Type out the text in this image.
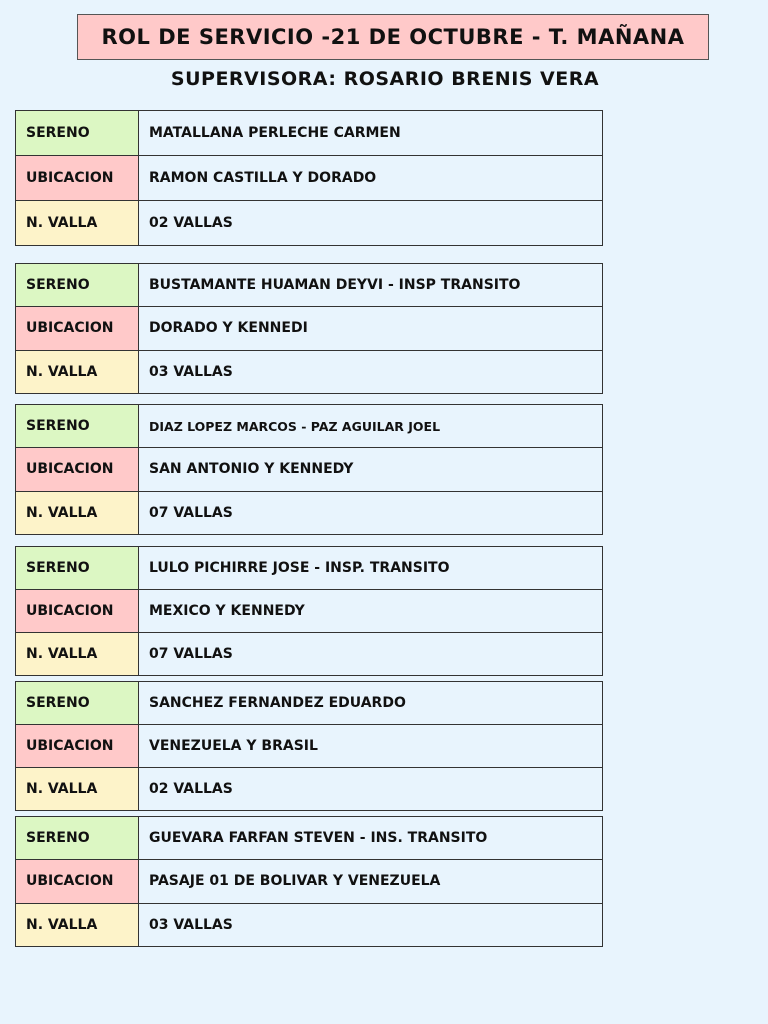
ROL DE SERVICIO -21 DE OCTUBRE - T. MAÑANA
SUPERVISORA: ROSARIO BRENIS VERA
SERENO	MATALLANA PERLECHE CARMEN
UBICACION	RAMON CASTILLA Y DORADO
N. VALLA	02 VALLAS
SERENO	BUSTAMANTE HUAMAN DEYVI - INSP TRANSITO
UBICACION	DORADO Y KENNEDI
N. VALLA	03 VALLAS
SERENO	DIAZ LOPEZ MARCOS - PAZ AGUILAR JOEL
UBICACION	SAN ANTONIO Y KENNEDY
N. VALLA	07 VALLAS
SERENO	LULO PICHIRRE JOSE - INSP. TRANSITO
UBICACION	MEXICO Y KENNEDY
N. VALLA	07 VALLAS
SERENO	SANCHEZ FERNANDEZ EDUARDO
UBICACION	VENEZUELA Y BRASIL
N. VALLA	02 VALLAS
SERENO	GUEVARA FARFAN STEVEN - INS. TRANSITO
UBICACION	PASAJE 01 DE BOLIVAR Y VENEZUELA
N. VALLA	03 VALLAS
